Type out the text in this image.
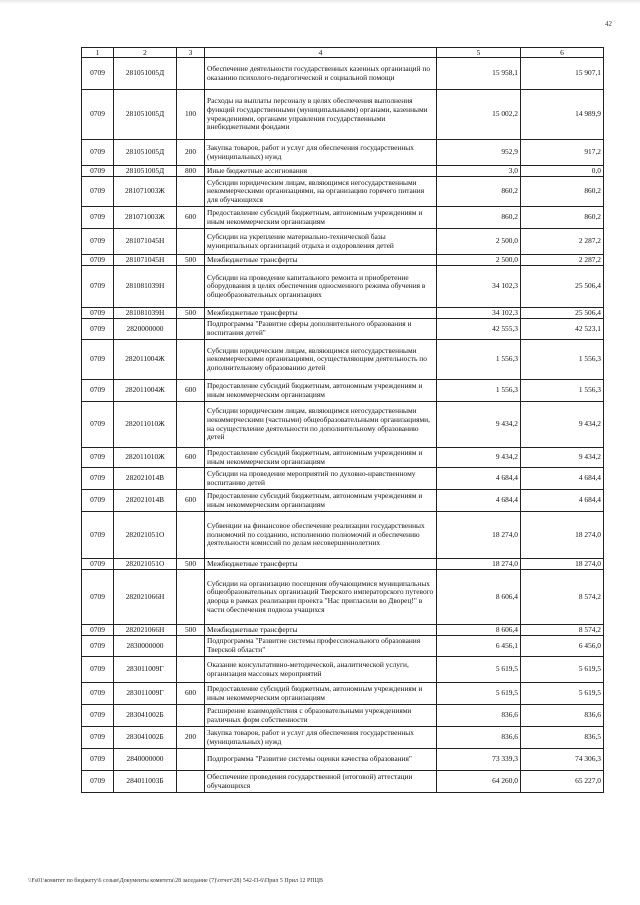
42
1	2	3	4	5	6
0709	281051005Д		Обеспечение деятельности государственных казенных организаций по оказанию психолого-педагогической и социальной помощи	15 958,1	15 907,1
0709	281051005Д	100	Расходы на выплаты персоналу в целях обеспечения выполнения функций государственными (муниципальными) органами, казенными учреждениями, органами управления государственными внебюджетными фондами	15 002,2	14 989,9
0709	281051005Д	200	Закупка товаров, работ и услуг для обеспечения государственных (муниципальных) нужд	952,9	917,2
0709	281051005Д	800	Иные бюджетные ассигнования	3,0	0,0
0709	281071003Ж		Субсидии юридическим лицам, являющимся негосударственными некоммерческими организациями, на организацию горячего питания для обучающихся	860,2	860,2
0709	281071003Ж	600	Предоставление субсидий бюджетным, автономным учреждениям и иным некоммерческим организациям	860,2	860,2
0709	281071045Н		Субсидии на укрепление материально-технической базы муниципальных организаций отдыха и оздоровления детей	2 500,0	2 287,2
0709	281071045Н	500	Межбюджетные трансферты	2 500,0	2 287,2
0709	281081039Н		Субсидии на проведение капитального ремонта и приобретение оборудования в целях обеспечения односменного режима обучения в общеобразовательных организациях	34 102,3	25 506,4
0709	281081039Н	500	Межбюджетные трансферты	34 102,3	25 506,4
0709	2820000000		Подпрограмма "Развитие сферы дополнительного образования и воспитания детей"	42 555,3	42 523,1
0709	282011004Ж		Субсидии юридическим лицам, являющимся негосударственными некоммерческими организациями, осуществляющим деятельность по дополнительному образованию детей	1 556,3	1 556,3
0709	282011004Ж	600	Предоставление субсидий бюджетным, автономным учреждениям и иным некоммерческим организациям	1 556,3	1 556,3
0709	282011010Ж		Субсидии юридическим лицам, являющимся негосударственными некоммерческими (частными) общеобразовательными организациями, на осуществление деятельности по дополнительному образованию детей	9 434,2	9 434,2
0709	282011010Ж	600	Предоставление субсидий бюджетным, автономным учреждениям и иным некоммерческим организациям	9 434,2	9 434,2
0709	282021014В		Субсидии на проведение мероприятий по духовно-нравственному воспитанию детей	4 684,4	4 684,4
0709	282021014В	600	Предоставление субсидий бюджетным, автономным учреждениям и иным некоммерческим организациям	4 684,4	4 684,4
0709	282021051О		Субвенции на финансовое обеспечение реализации государственных полномочий по созданию, исполнению полномочий и обеспечению деятельности комиссий по делам несовершеннолетних	18 274,0	18 274,0
0709	282021051О	500	Межбюджетные трансферты	18 274,0	18 274,0
0709	282021066Н		Субсидии на организацию посещения обучающимися муниципальных общеобразовательных организаций Тверского императорского путевого дворца в рамках реализации проекта "Нас пригласили во Дворец!" в части обеспечения подвоза учащихся	8 606,4	8 574,2
0709	282021066Н	500	Межбюджетные трансферты	8 606,4	8 574,2
0709	2830000000		Подпрограмма "Развитие системы профессионального образования Тверской области"	6 456,1	6 456,0
0709	283011009Г		Оказание консультативно-методической, аналитической услуги, организация массовых мероприятий	5 619,5	5 619,5
0709	283011009Г	600	Предоставление субсидий бюджетным, автономным учреждениям и иным некоммерческим организациям	5 619,5	5 619,5
0709	283041002Б		Расширение взаимодействия с образовательными учреждениями различных форм собственности	836,6	836,6
0709	283041002Б	200	Закупка товаров, работ и услуг для обеспечения государственных (муниципальных) нужд	836,6	836,5
0709	2840000000		Подпрограмма "Развитие системы оценки качества образования"	73 339,3	74 306,3
0709	284011003Б		Обеспечение проведения государственной (итоговой) аттестации обучающихся	64 260,0	65 227,0
\\Fs01\комитет по бюджету\6 созыв\Документы комитета\28 заседание (7)\отчет\28) 542-П-6\Прил 5 Прил 12 РПЦВ
